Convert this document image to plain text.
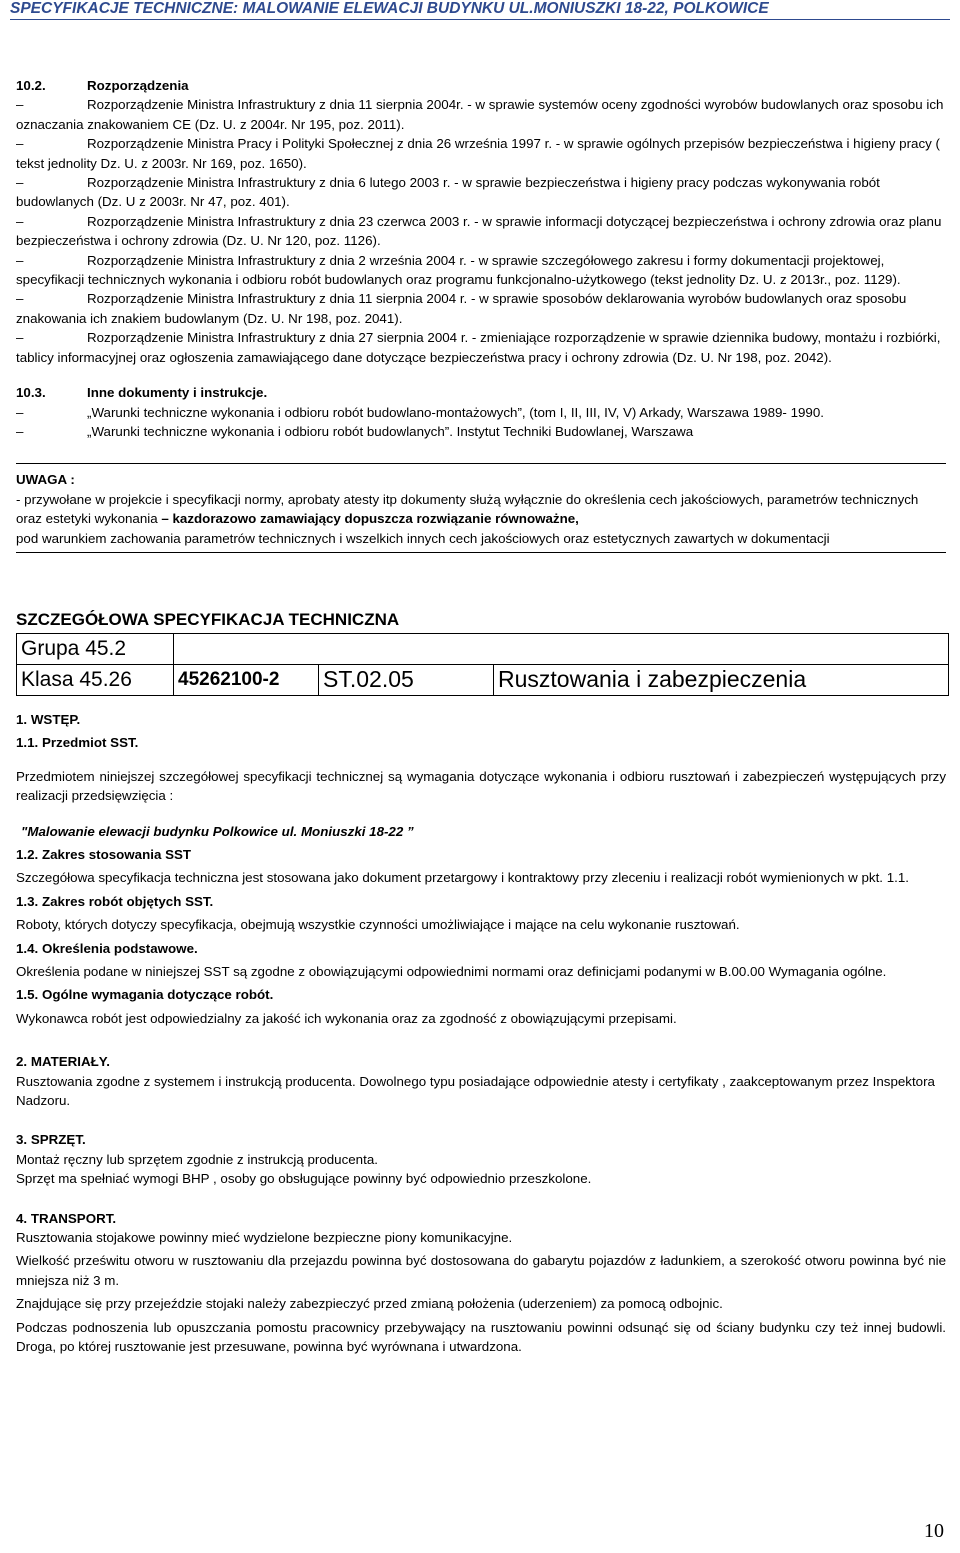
SPECYFIKACJE TECHNICZNE: MALOWANIE ELEWACJI BUDYNKU UL.MONIUSZKI 18-22, POLKOWICE

10.2.	Rozporządzenia

–Rozporządzenie Ministra Infrastruktury z dnia 11 sierpnia 2004r. - w sprawie systemów oceny zgodności wyrobów budowlanych oraz sposobu ich oznaczania znakowaniem CE (Dz. U. z 2004r. Nr 195, poz. 2011).

–Rozporządzenie Ministra Pracy i Polityki Społecznej z dnia 26 września 1997 r. - w sprawie ogólnych przepisów bezpieczeństwa i higieny pracy ( tekst jednolity Dz. U. z 2003r. Nr 169, poz. 1650).

–Rozporządzenie Ministra Infrastruktury z dnia 6 lutego 2003 r. - w sprawie bezpieczeństwa i higieny pracy podczas wykonywania robót budowlanych (Dz. U z 2003r. Nr 47, poz. 401).

–Rozporządzenie Ministra Infrastruktury z dnia 23 czerwca 2003 r. - w sprawie informacji dotyczącej bezpieczeństwa i ochrony zdrowia oraz planu bezpieczeństwa i ochrony zdrowia (Dz. U. Nr 120, poz. 1126).

–Rozporządzenie Ministra Infrastruktury z dnia 2 września 2004 r. - w sprawie szczegółowego zakresu i formy dokumentacji projektowej, specyfikacji technicznych wykonania i odbioru robót budowlanych oraz programu funkcjonalno-użytkowego (tekst jednolity Dz. U. z 2013r., poz. 1129).

–Rozporządzenie Ministra Infrastruktury z dnia 11 sierpnia 2004 r. - w sprawie sposobów deklarowania wyrobów budowlanych oraz sposobu znakowania ich znakiem budowlanym (Dz. U. Nr 198, poz. 2041).

–Rozporządzenie Ministra Infrastruktury z dnia 27 sierpnia 2004 r. - zmieniające rozporządzenie w sprawie dziennika budowy, montażu i rozbiórki, tablicy informacyjnej oraz ogłoszenia zamawiającego dane dotyczące bezpieczeństwa pracy i ochrony zdrowia (Dz. U. Nr 198, poz. 2042).

10.3.	Inne dokumenty i instrukcje.

–„Warunki techniczne wykonania i odbioru robót budowlano-montażowych”, (tom I, II, III, IV, V) Arkady, Warszawa 1989- 1990.

–„Warunki techniczne wykonania i odbioru robót budowlanych”. Instytut Techniki Budowlanej, Warszawa

UWAGA :

- przywołane w projekcie i specyfikacji normy, aprobaty atesty itp dokumenty służą wyłącznie do określenia cech jakościowych, parametrów technicznych oraz estetyki wykonania – kazdorazowo zamawiający dopuszcza rozwiązanie równoważne,

pod warunkiem zachowania parametrów technicznych i wszelkich innych cech jakościowych oraz estetycznych zawartych w dokumentacji

SZCZEGÓŁOWA SPECYFIKACJA TECHNICZNA

Grupa 45.2			
Klasa 45.26	45262100-2	ST.02.05	Rusztowania i zabezpieczenia

1. WSTĘP.

1.1. Przedmiot SST.

Przedmiotem niniejszej szczegółowej specyfikacji technicznej są wymagania dotyczące wykonania i odbioru rusztowań i zabezpieczeń występujących przy realizacji przedsięwzięcia :

"Malowanie elewacji budynku Polkowice ul. Moniuszki 18-22 ”

1.2. Zakres stosowania SST

Szczegółowa specyfikacja techniczna jest stosowana jako dokument przetargowy i kontraktowy przy zleceniu i realizacji robót wymienionych w pkt. 1.1.

1.3. Zakres robót objętych SST.

Roboty, których dotyczy specyfikacja, obejmują wszystkie czynności umożliwiające i mające na celu wykonanie rusztowań.

1.4. Określenia podstawowe.

Określenia podane w niniejszej SST są zgodne z obowiązującymi odpowiednimi normami oraz definicjami podanymi w B.00.00 Wymagania ogólne.

1.5. Ogólne wymagania dotyczące robót.

Wykonawca robót jest odpowiedzialny za jakość ich wykonania oraz za zgodność z obowiązującymi przepisami.

2. MATERIAŁY.

Rusztowania zgodne z systemem i instrukcją producenta. Dowolnego typu posiadające odpowiednie atesty i certyfikaty , zaakceptowanym przez Inspektora Nadzoru.

3. SPRZĘT.

Montaż ręczny lub sprzętem zgodnie z instrukcją producenta.

Sprzęt ma spełniać wymogi BHP , osoby go obsługujące powinny być odpowiednio przeszkolone.

4. TRANSPORT.

Rusztowania stojakowe powinny mieć wydzielone bezpieczne piony komunikacyjne.

Wielkość prześwitu otworu w rusztowaniu dla przejazdu powinna być dostosowana do gabarytu pojazdów z ładunkiem, a szerokość otworu powinna być nie mniejsza niż 3 m.

Znajdujące się przy przejeździe stojaki należy zabezpieczyć przed zmianą położenia (uderzeniem) za pomocą odbojnic.

Podczas podnoszenia lub opuszczania pomostu pracownicy przebywający na rusztowaniu powinni odsunąć się od ściany budynku czy też innej budowli. Droga, po której rusztowanie jest przesuwane, powinna być wyrównana i utwardzona.

10
